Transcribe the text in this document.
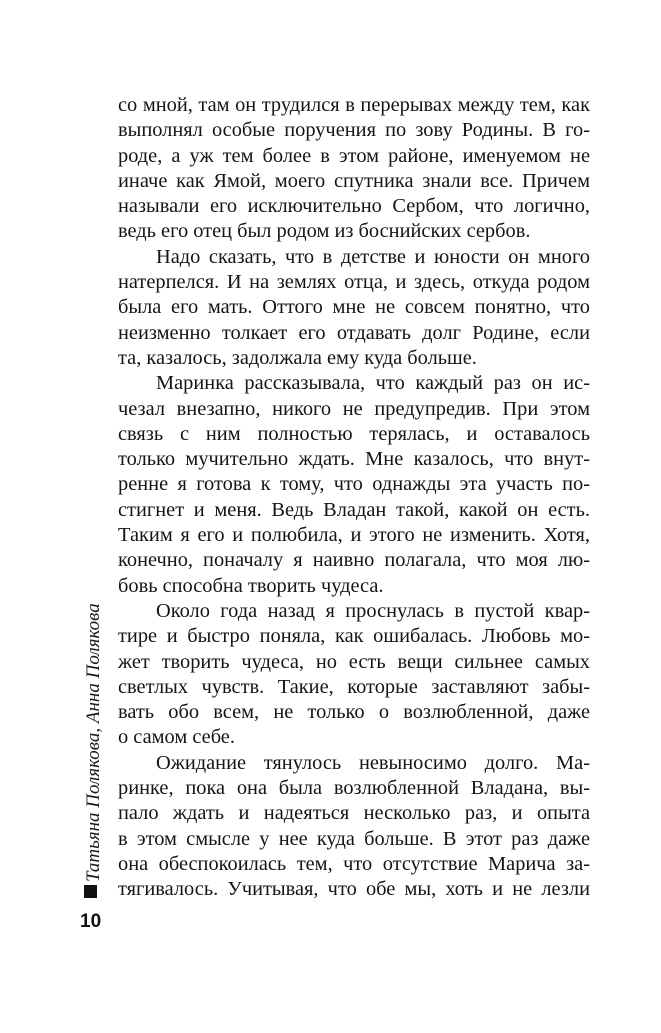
со мной, там он трудился в перерывах между тем, как
выполнял особые поручения по зову Родины. В го-
роде, а уж тем более в этом районе, именуемом не
иначе как Ямой, моего спутника знали все. Причем
называли его исключительно Сербом, что логично,
ведь его отец был родом из боснийских сербов.

Надо сказать, что в детстве и юности он много
натерпелся. И на землях отца, и здесь, откуда родом
была его мать. Оттого мне не совсем понятно, что
неизменно толкает его отдавать долг Родине, если
та, казалось, задолжала ему куда больше.

Маринка рассказывала, что каждый раз он ис-
чезал внезапно, никого не предупредив. При этом
связь с ним полностью терялась, и оставалось
только мучительно ждать. Мне казалось, что внут-
ренне я готова к тому, что однажды эта участь по-
стигнет и меня. Ведь Владан такой, какой он есть.
Таким я его и полюбила, и этого не изменить. Хотя,
конечно, поначалу я наивно полагала, что моя лю-
бовь способна творить чудеса.

Около года назад я проснулась в пустой квар-
тире и быстро поняла, как ошибалась. Любовь мо-
жет творить чудеса, но есть вещи сильнее самых
светлых чувств. Такие, которые заставляют забы-
вать обо всем, не только о возлюбленной, даже
о самом себе.

Ожидание тянулось невыносимо долго. Ма-
ринке, пока она была возлюбленной Владана, вы-
пало ждать и надеяться несколько раз, и опыта
в этом смысле у нее куда больше. В этот раз даже
она обеспокоилась тем, что отсутствие Марича за-
тягивалось. Учитывая, что обе мы, хоть и не лезли

Татьяна Полякова, Анна Полякова
10
